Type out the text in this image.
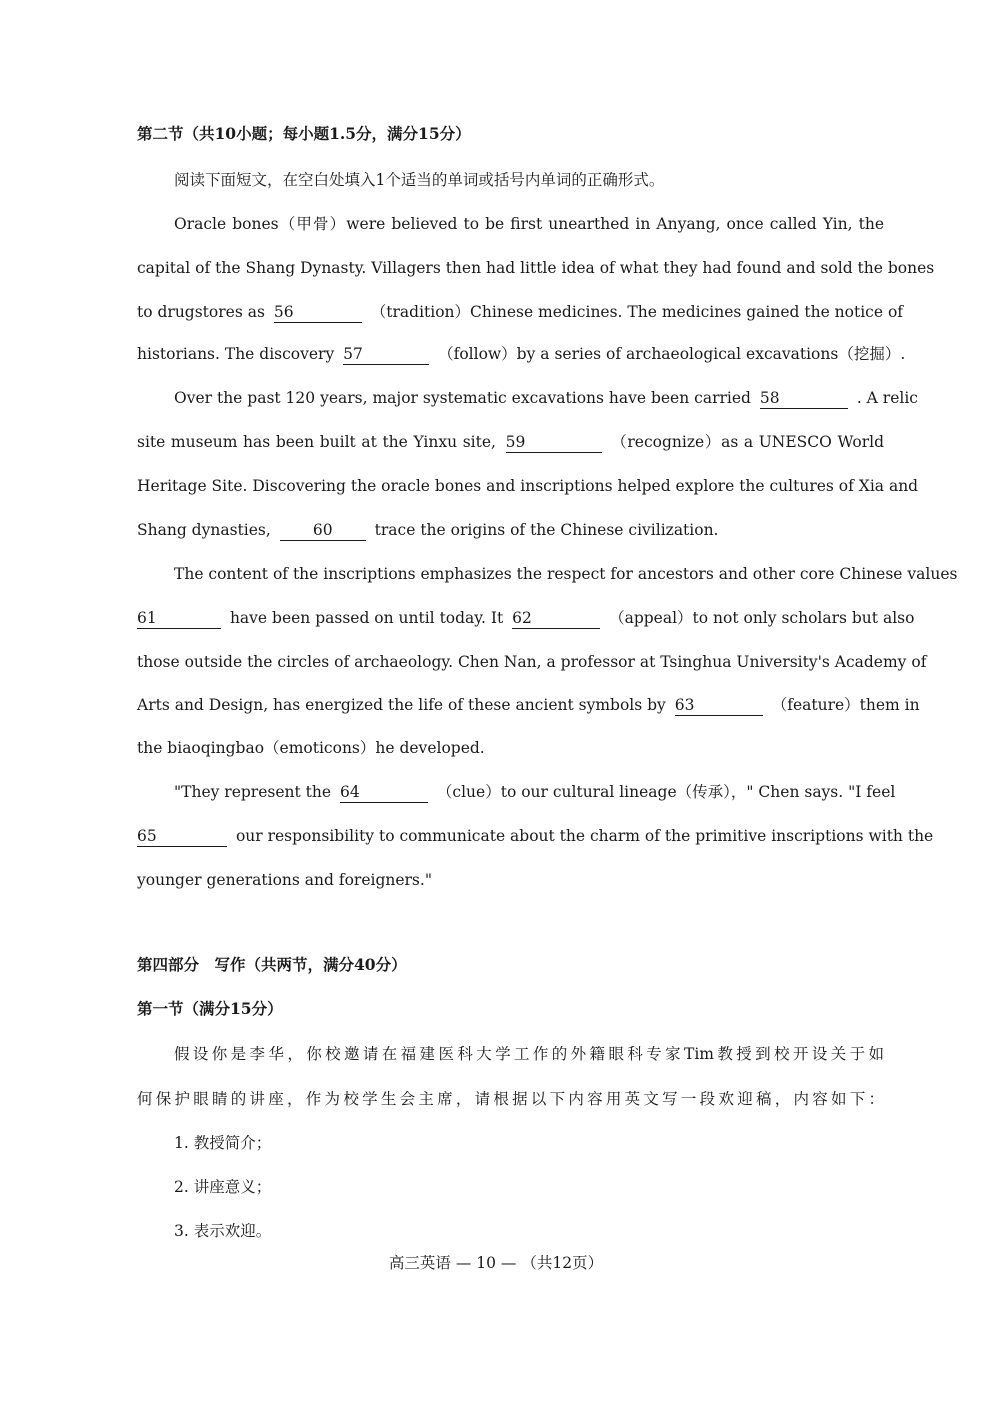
第二节（共10小题；每小题1.5分，满分15分）
阅读下面短文，在空白处填入1个适当的单词或括号内单词的正确形式。
Oracle bones（甲骨）were believed to be first unearthed in Anyang, once called Yin, the
capital of the Shang Dynasty. Villagers then had little idea of what they had found and sold the bones
to drugstores as 56	（tradition）Chinese medicines. The medicines gained the notice of
historians. The discovery 57	（follow）by a series of archaeological excavations（挖掘）.
Over the past 120 years, major systematic excavations have been carried 58	. A relic
site museum has been built at the Yinxu site, 59	（recognize）as a UNESCO World
Heritage Site. Discovering the oracle bones and inscriptions helped explore the cultures of Xia and
Shang dynasties,	60	trace the origins of the Chinese civilization.
The content of the inscriptions emphasizes the respect for ancestors and other core Chinese values
61	have been passed on until today. It 62	（appeal）to not only scholars but also
those outside the circles of archaeology. Chen Nan, a professor at Tsinghua University's Academy of
Arts and Design, has energized the life of these ancient symbols by 63	（feature）them in
the biaoqingbao（emoticons）he developed.
"They represent the 64	（clue）to our cultural lineage（传承），" Chen says. "I feel
65	our responsibility to communicate about the charm of the primitive inscriptions with the
younger generations and foreigners."
第四部分　写作（共两节，满分40分）
第一节（满分15分）
假设你是李华，你校邀请在福建医科大学工作的外籍眼科专家Tim教授到校开设关于如
何保护眼睛的讲座，作为校学生会主席，请根据以下内容用英文写一段欢迎稿，内容如下：
1. 教授简介；
2. 讲座意义；
3. 表示欢迎。
高三英语 — 10 — （共12页）
